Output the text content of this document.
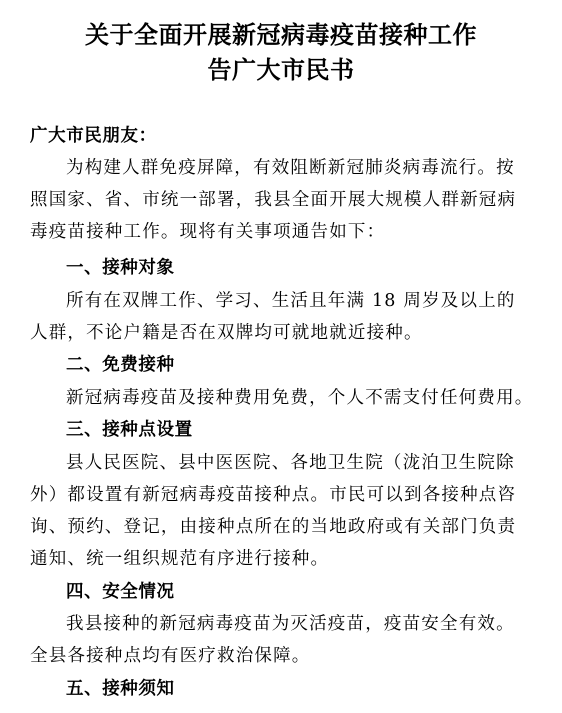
关于全面开展新冠病毒疫苗接种工作
告广大市民书
广大市民朋友：
为构建人群免疫屏障，有效阻断新冠肺炎病毒流行。按
照国家、省、市统一部署，我县全面开展大规模人群新冠病
毒疫苗接种工作。现将有关事项通告如下：
一、接种对象
所有在双牌工作、学习、生活且年满 18 周岁及以上的
人群，不论户籍是否在双牌均可就地就近接种。
二、免费接种
新冠病毒疫苗及接种费用免费，个人不需支付任何费用。
三、接种点设置
县人民医院、县中医医院、各地卫生院（泷泊卫生院除
外）都设置有新冠病毒疫苗接种点。市民可以到各接种点咨
询、预约、登记，由接种点所在的当地政府或有关部门负责
通知、统一组织规范有序进行接种。
四、安全情况
我县接种的新冠病毒疫苗为灭活疫苗，疫苗安全有效。
全县各接种点均有医疗救治保障。
五、接种须知
